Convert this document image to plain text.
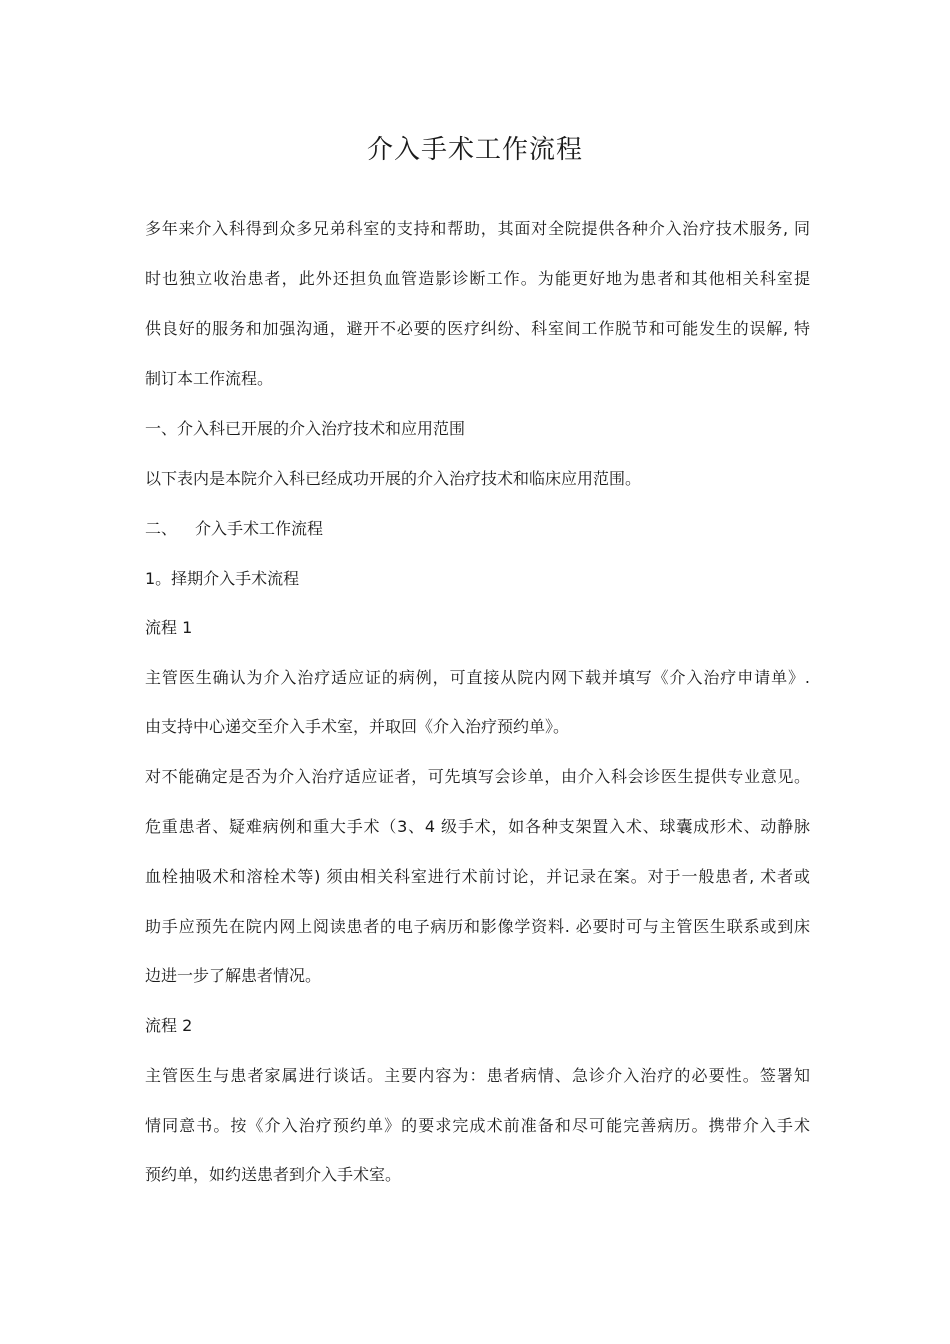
介入手术工作流程
多年来介入科得到众多兄弟科室的支持和帮助，其面对全院提供各种介入治疗技术服务, 同
时也独立收治患者，此外还担负血管造影诊断工作。为能更好地为患者和其他相关科室提
供良好的服务和加强沟通，避开不必要的医疗纠纷、科室间工作脱节和可能发生的误解, 特
制订本工作流程。
一、介入科已开展的介入治疗技术和应用范围
以下表内是本院介入科已经成功开展的介入治疗技术和临床应用范围。
二、 介入手术工作流程
1。择期介入手术流程
流程 1
主管医生确认为介入治疗适应证的病例，可直接从院内网下载并填写《介入治疗申请单》.
由支持中心递交至介入手术室，并取回《介入治疗预约单》。
对不能确定是否为介入治疗适应证者，可先填写会诊单，由介入科会诊医生提供专业意见。
危重患者、疑难病例和重大手术（3、4 级手术，如各种支架置入术、球囊成形术、动静脉
血栓抽吸术和溶栓术等) 须由相关科室进行术前讨论，并记录在案。对于一般患者, 术者或
助手应预先在院内网上阅读患者的电子病历和影像学资料. 必要时可与主管医生联系或到床
边进一步了解患者情况。
流程 2
主管医生与患者家属进行谈话。主要内容为：患者病情、急诊介入治疗的必要性。签署知
情同意书。按《介入治疗预约单》的要求完成术前准备和尽可能完善病历。携带介入手术
预约单，如约送患者到介入手术室。
